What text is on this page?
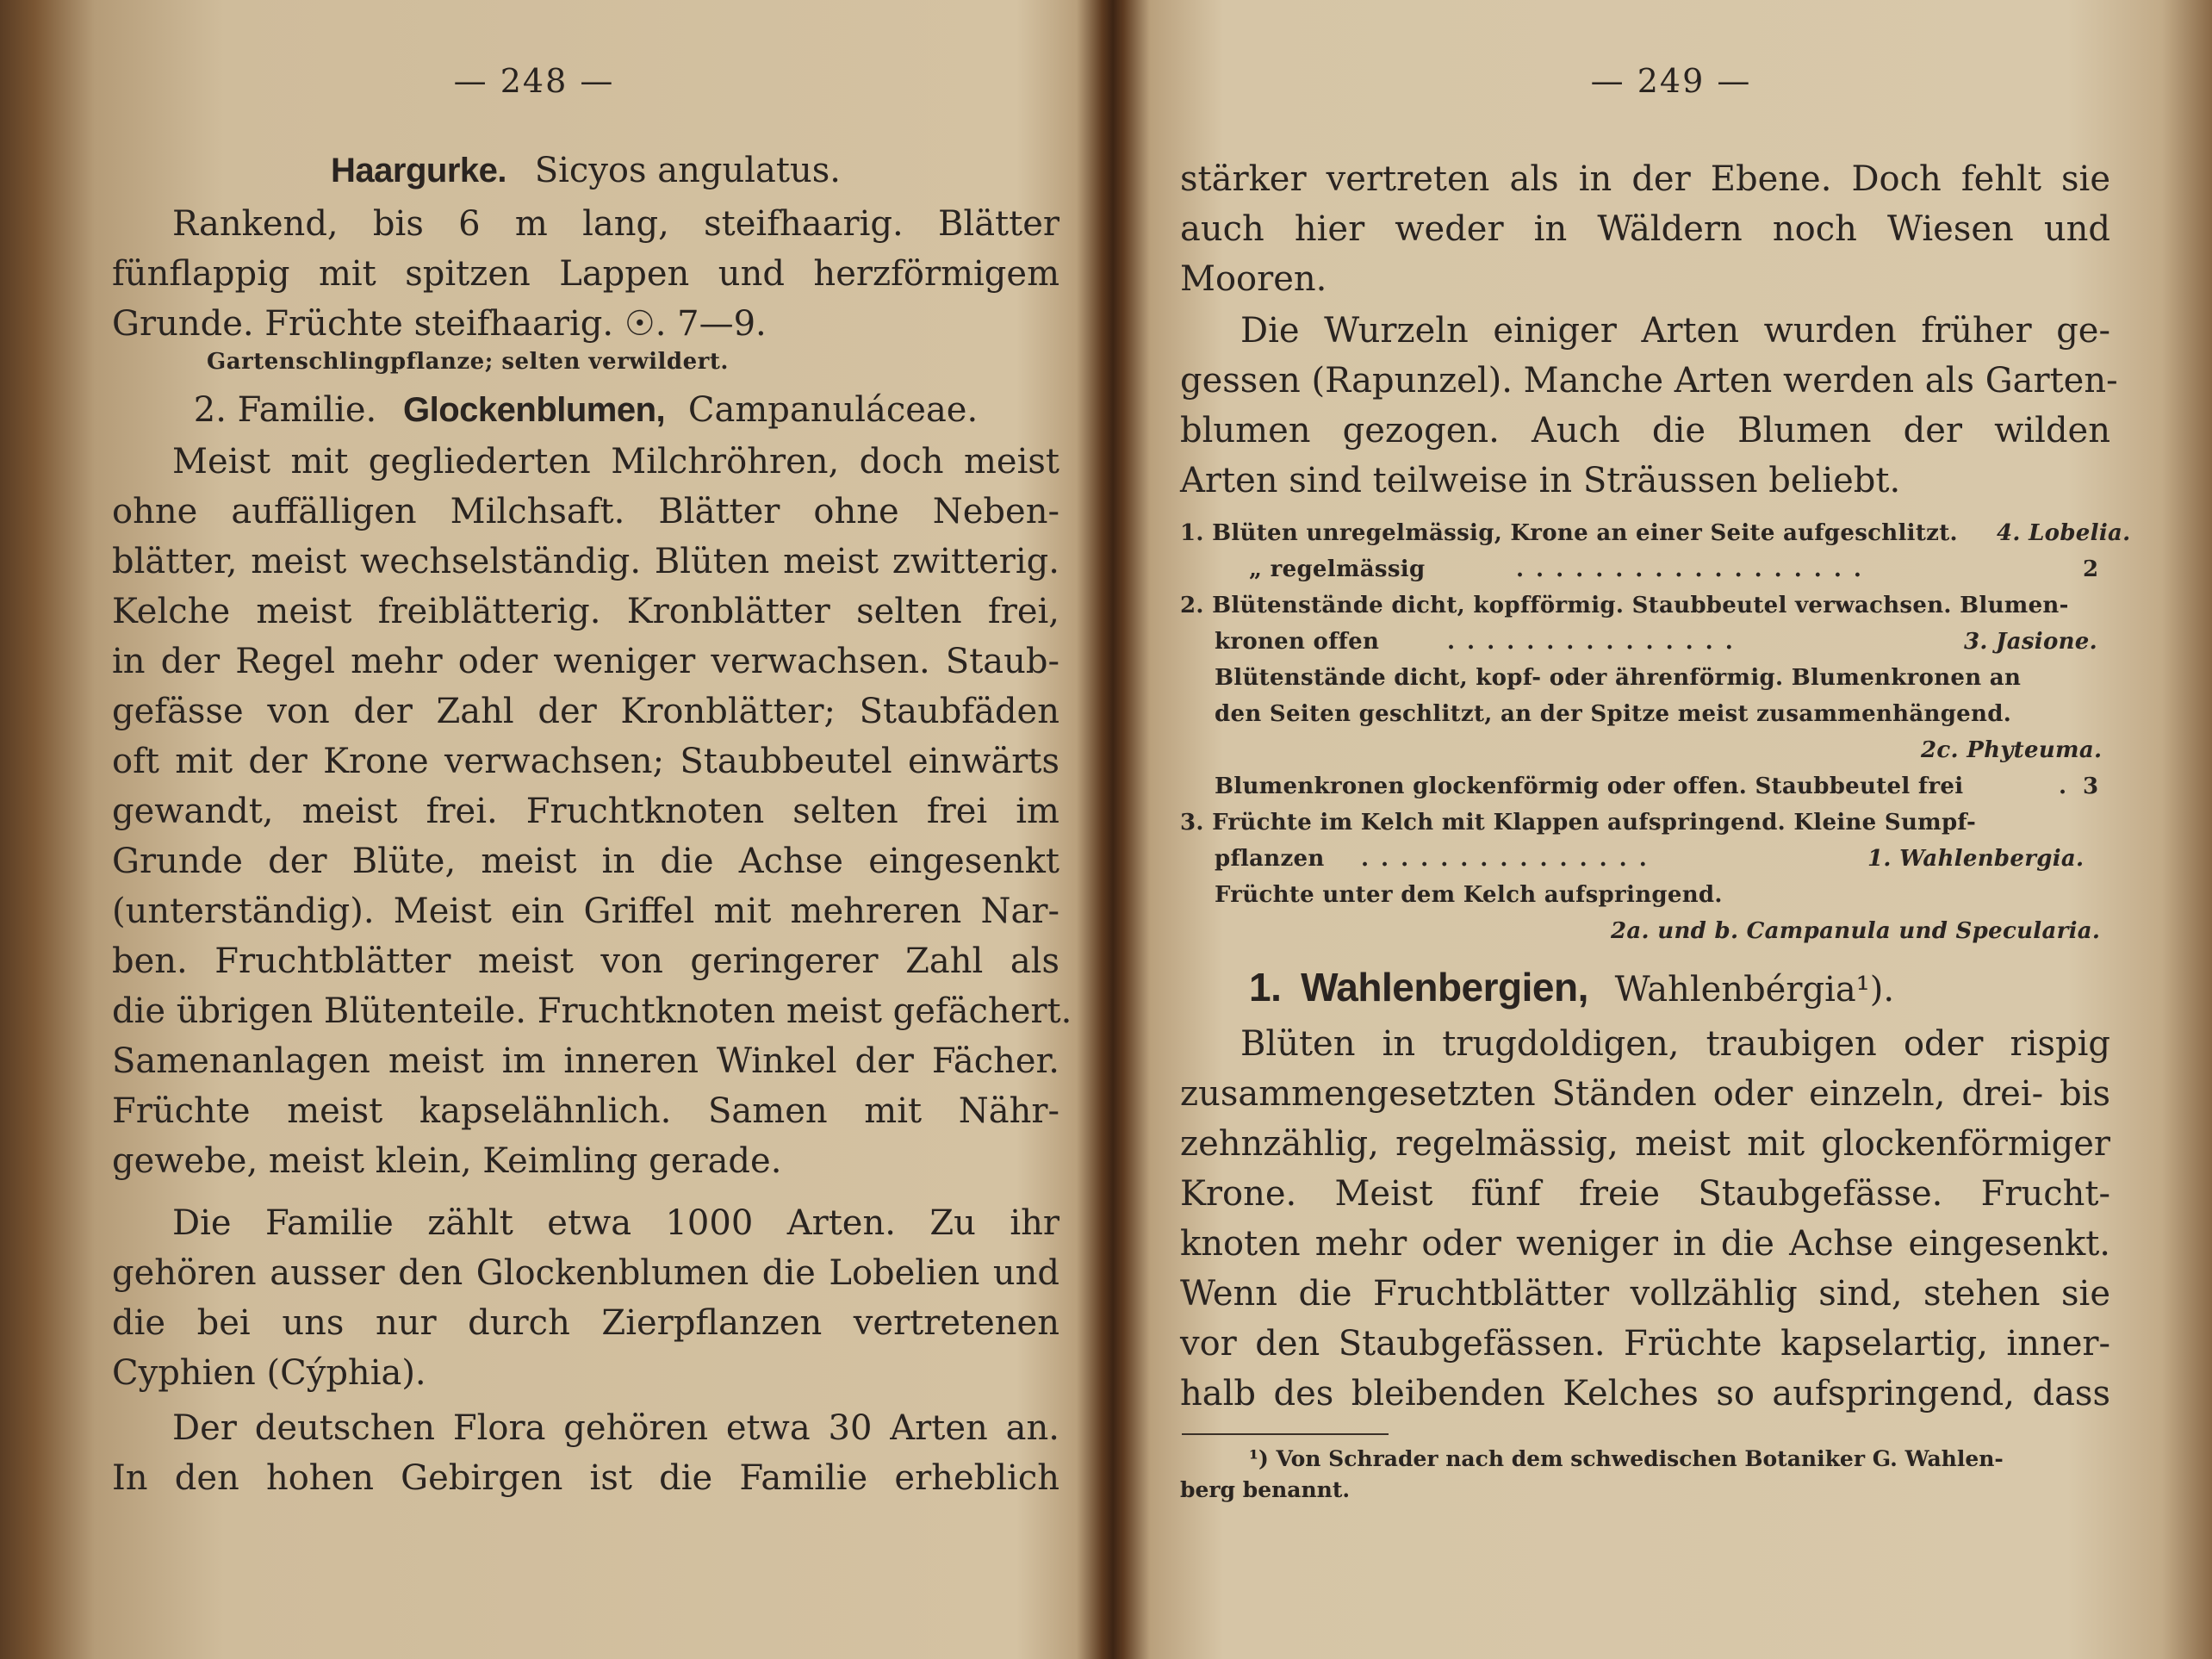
— 248 —
Haargurke. Sicyos angulatus.
Rankend, bis 6 m lang, steifhaarig. Blätter
fünflappig mit spitzen Lappen und herzförmigem
Grunde. Früchte steifhaarig. ☉. 7—9.
Gartenschlingpflanze; selten verwildert.
2. Familie. Glockenblumen, Campanuláceae.
Meist mit gegliederten Milchröhren, doch meist
ohne auffälligen Milchsaft. Blätter ohne Neben-
blätter, meist wechselständig. Blüten meist zwitterig.
Kelche meist freiblätterig. Kronblätter selten frei,
in der Regel mehr oder weniger verwachsen. Staub-
gefässe von der Zahl der Kronblätter; Staubfäden
oft mit der Krone verwachsen; Staubbeutel einwärts
gewandt, meist frei. Fruchtknoten selten frei im
Grunde der Blüte, meist in die Achse eingesenkt
(unterständig). Meist ein Griffel mit mehreren Nar-
ben. Fruchtblätter meist von geringerer Zahl als
die übrigen Blütenteile. Fruchtknoten meist gefächert.
Samenanlagen meist im inneren Winkel der Fächer.
Früchte meist kapselähnlich. Samen mit Nähr-
gewebe, meist klein, Keimling gerade.
Die Familie zählt etwa 1000 Arten. Zu ihr
gehören ausser den Glockenblumen die Lobelien und
die bei uns nur durch Zierpflanzen vertretenen
Cyphien (Cýphia).
Der deutschen Flora gehören etwa 30 Arten an.
In den hohen Gebirgen ist die Familie erheblich
— 249 —
stärker vertreten als in der Ebene. Doch fehlt sie
auch hier weder in Wäldern noch Wiesen und
Mooren.
Die Wurzeln einiger Arten wurden früher ge-
gessen (Rapunzel). Manche Arten werden als Garten-
blumen gezogen. Auch die Blumen der wilden
Arten sind teilweise in Sträussen beliebt.
1. Blüten unregelmässig, Krone an einer Seite aufgeschlitzt. 4. Lobelia.
„ regelmässig	..................	2
2. Blütenstände dicht, kopfförmig. Staubbeutel verwachsen. Blumen-
kronen offen	...............	3. Jasione.
Blütenstände dicht, kopf- oder ährenförmig. Blumenkronen an
den Seiten geschlitzt, an der Spitze meist zusammenhängend.
2c. Phyteuma.
Blumenkronen glockenförmig oder offen. Staubbeutel frei	. 3
3. Früchte im Kelch mit Klappen aufspringend. Kleine Sumpf-
pflanzen ...............	1. Wahlenbergia.
Früchte unter dem Kelch aufspringend.
2a. und b. Campanula und Specularia.
1. Wahlenbergien, Wahlenbérgia¹).
Blüten in trugdoldigen, traubigen oder rispig
zusammengesetzten Ständen oder einzeln, drei- bis
zehnzählig, regelmässig, meist mit glockenförmiger
Krone. Meist fünf freie Staubgefässe. Frucht-
knoten mehr oder weniger in die Achse eingesenkt.
Wenn die Fruchtblätter vollzählig sind, stehen sie
vor den Staubgefässen. Früchte kapselartig, inner-
halb des bleibenden Kelches so aufspringend, dass
¹) Von Schrader nach dem schwedischen Botaniker G. Wahlen-
berg benannt.
